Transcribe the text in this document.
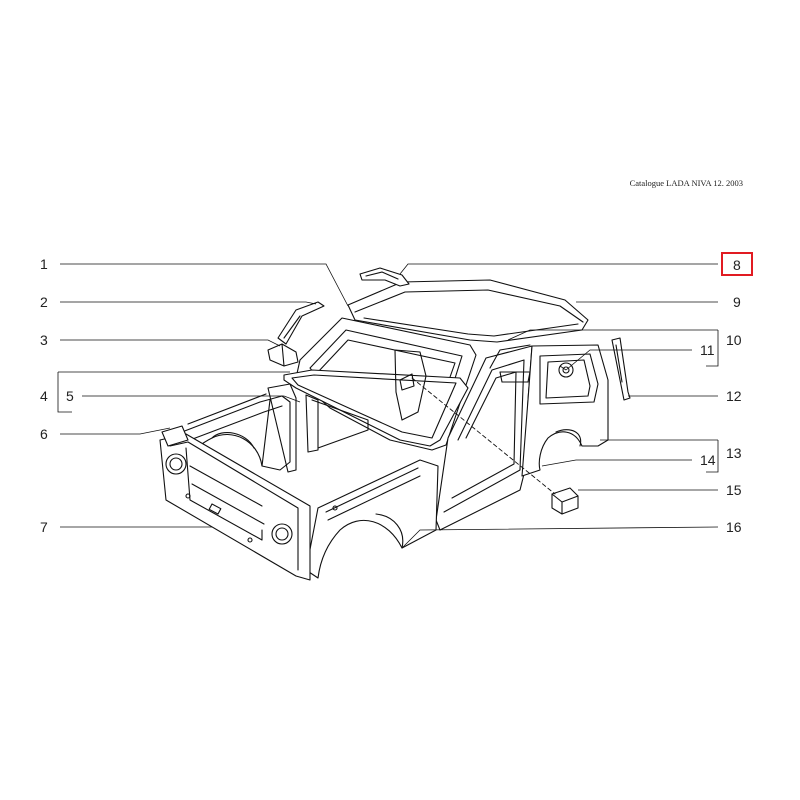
Catalogue LADA NIVA 12. 2003
1
2
3
4 5
6
7
8
9
10
11
12
13
14
15
16
